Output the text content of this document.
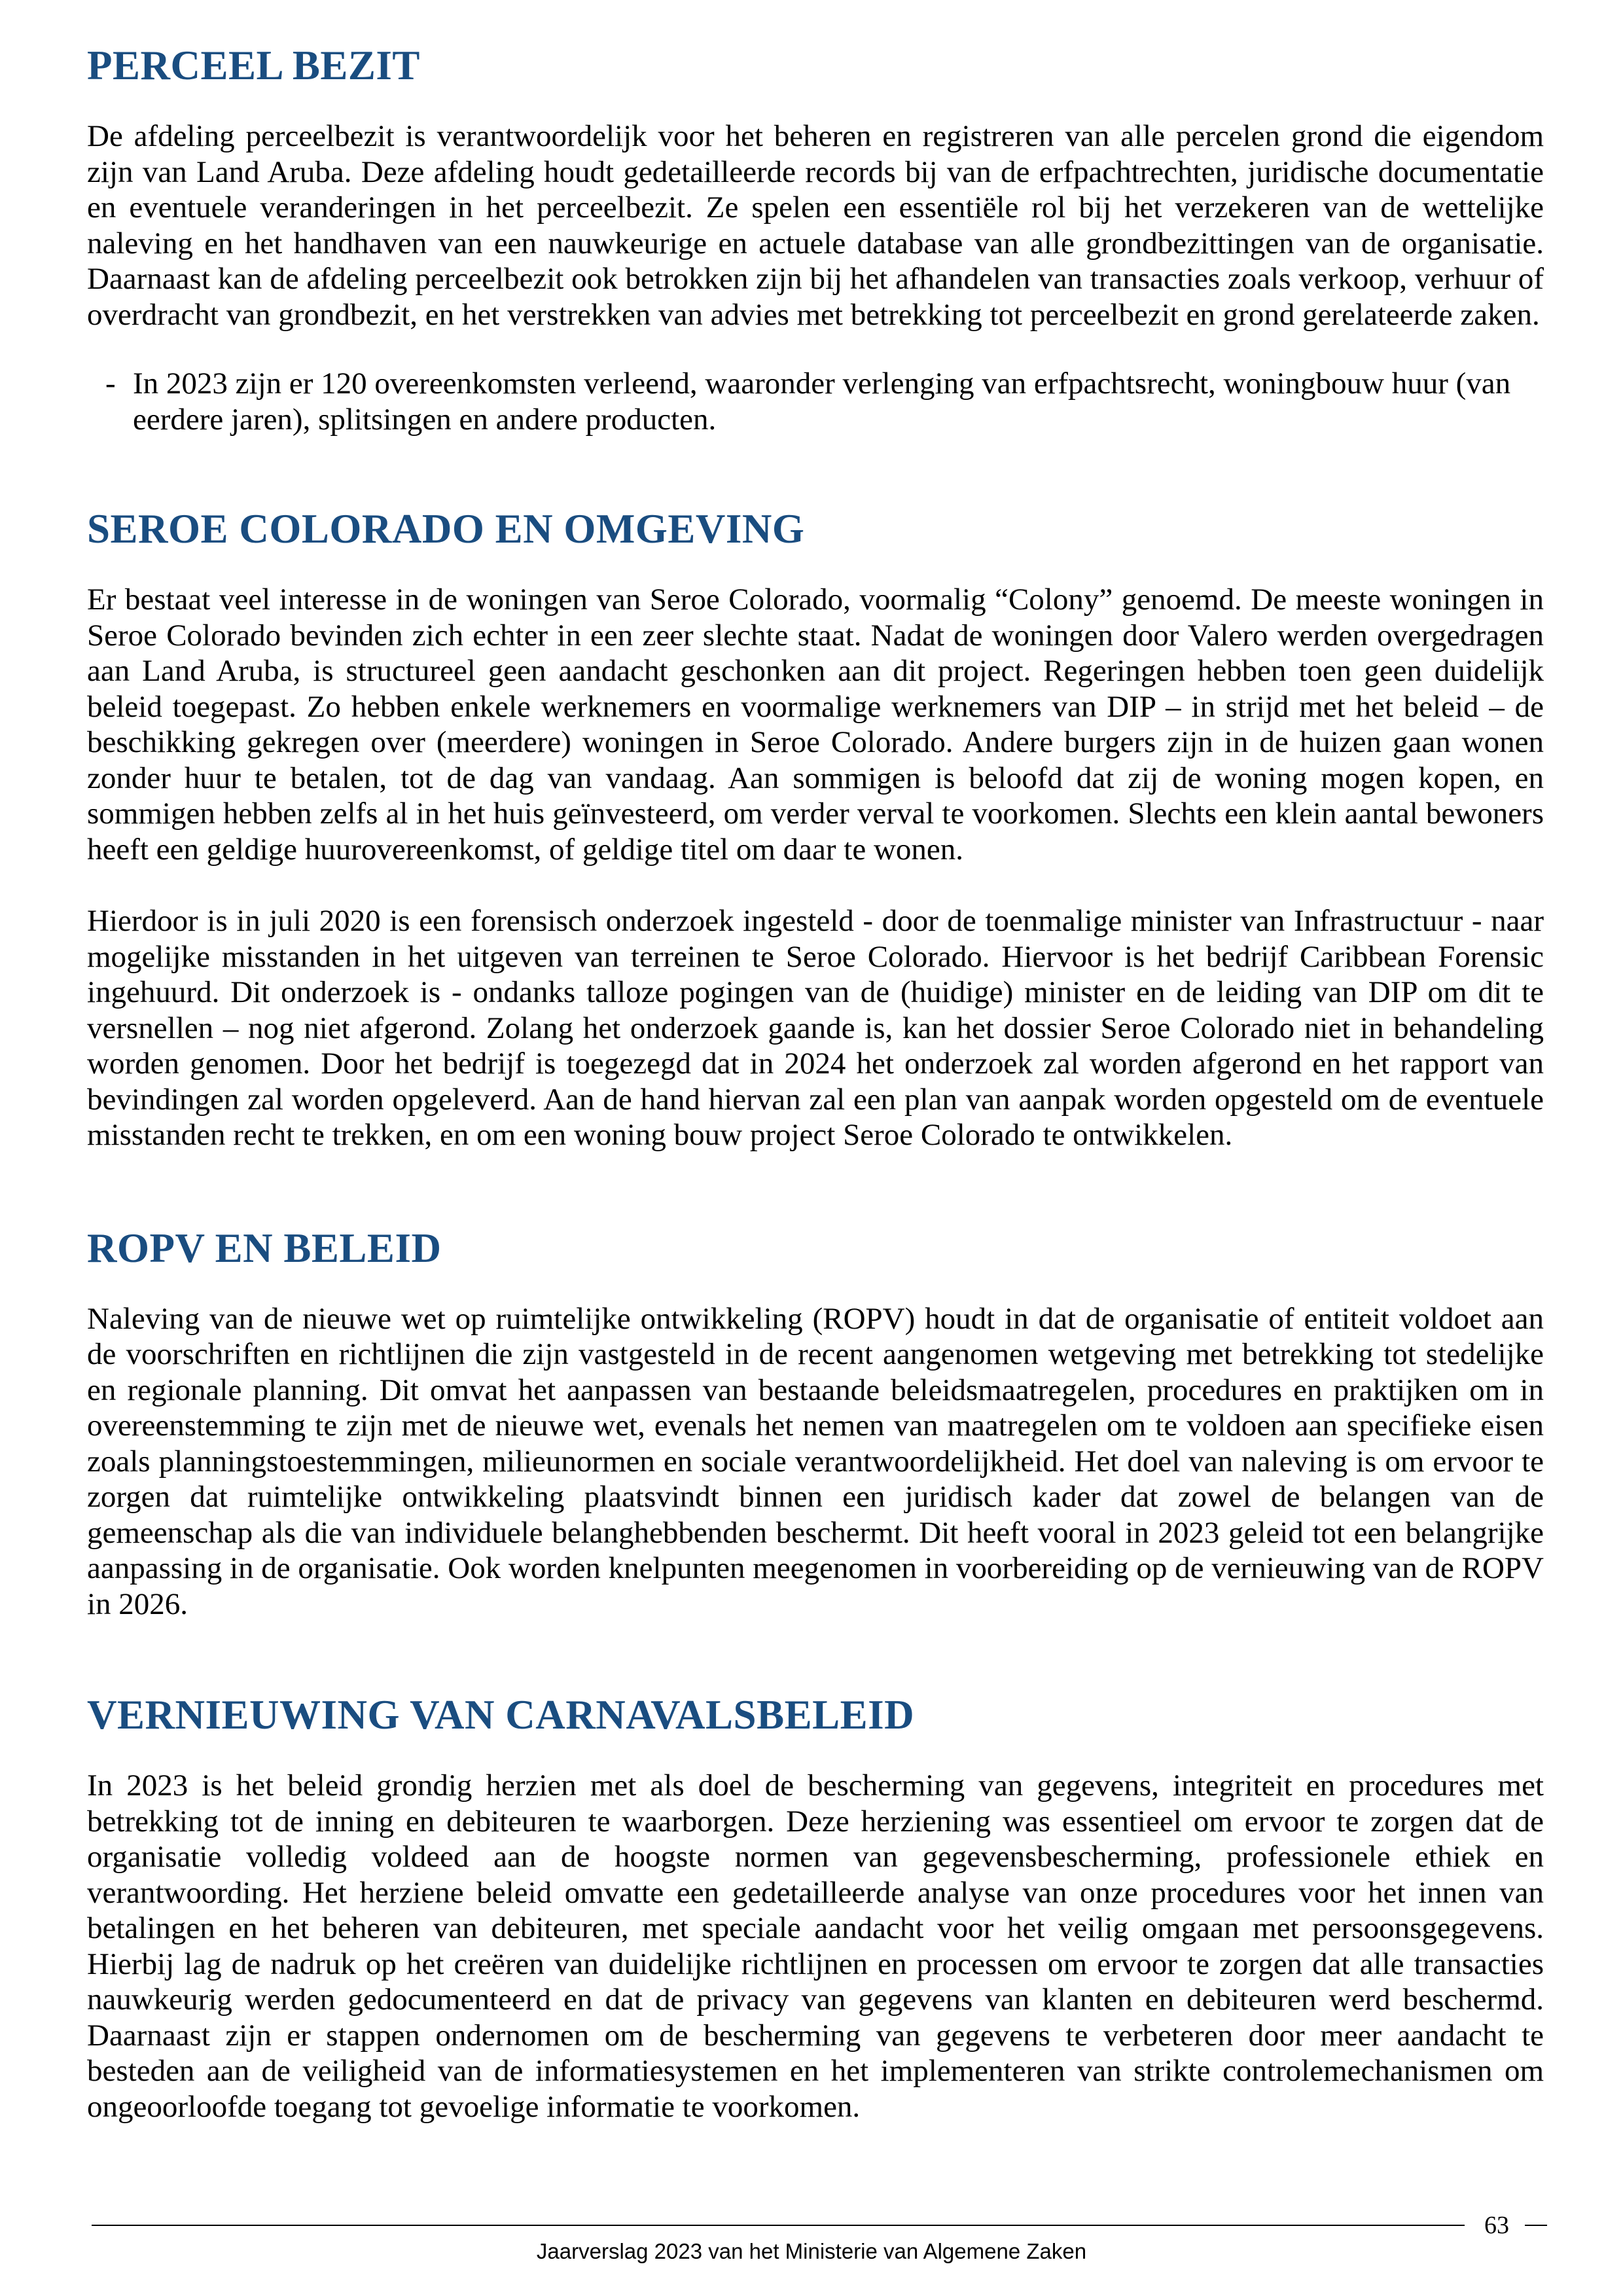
PERCEEL BEZIT

De afdeling perceelbezit is verantwoordelijk voor het beheren en registreren van alle percelen grond die eigendom zijn van Land Aruba. Deze afdeling houdt gedetailleerde records bij van de erfpachtrechten, juridische documentatie en eventuele veranderingen in het perceelbezit. Ze spelen een essentiële rol bij het verzekeren van de wettelijke naleving en het handhaven van een nauwkeurige en actuele database van alle grondbezittingen van de organisatie. Daarnaast kan de afdeling perceelbezit ook betrokken zijn bij het afhandelen van transacties zoals verkoop, verhuur of overdracht van grondbezit, en het verstrekken van advies met betrekking tot perceelbezit en grond gerelateerde zaken.

- In 2023 zijn er 120 overeenkomsten verleend, waaronder verlenging van erfpachtsrecht, woningbouw huur (van eerdere jaren), splitsingen en andere producten.
SEROE COLORADO EN OMGEVING

Er bestaat veel interesse in de woningen van Seroe Colorado, voormalig “Colony” genoemd. De meeste woningen in Seroe Colorado bevinden zich echter in een zeer slechte staat. Nadat de woningen door Valero werden overgedragen aan Land Aruba, is structureel geen aandacht geschonken aan dit project. Regeringen hebben toen geen duidelijk beleid toegepast. Zo hebben enkele werknemers en voormalige werknemers van DIP – in strijd met het beleid – de beschikking gekregen over (meerdere) woningen in Seroe Colorado. Andere burgers zijn in de huizen gaan wonen zonder huur te betalen, tot de dag van vandaag. Aan sommigen is beloofd dat zij de woning mogen kopen, en sommigen hebben zelfs al in het huis geïnvesteerd, om verder verval te voorkomen. Slechts een klein aantal bewoners heeft een geldige huurovereenkomst, of geldige titel om daar te wonen.

Hierdoor is in juli 2020 is een forensisch onderzoek ingesteld - door de toenmalige minister van Infrastructuur - naar mogelijke misstanden in het uitgeven van terreinen te Seroe Colorado. Hiervoor is het bedrijf Caribbean Forensic ingehuurd. Dit onderzoek is - ondanks talloze pogingen van de (huidige) minister en de leiding van DIP om dit te versnellen – nog niet afgerond. Zolang het onderzoek gaande is, kan het dossier Seroe Colorado niet in behandeling worden genomen. Door het bedrijf is toegezegd dat in 2024 het onderzoek zal worden afgerond en het rapport van bevindingen zal worden opgeleverd. Aan de hand hiervan zal een plan van aanpak worden opgesteld om de eventuele misstanden recht te trekken, en om een woning bouw project Seroe Colorado te ontwikkelen.

ROPV EN BELEID

Naleving van de nieuwe wet op ruimtelijke ontwikkeling (ROPV) houdt in dat de organisatie of entiteit voldoet aan de voorschriften en richtlijnen die zijn vastgesteld in de recent aangenomen wetgeving met betrekking tot stedelijke en regionale planning. Dit omvat het aanpassen van bestaande beleidsmaatregelen, procedures en praktijken om in overeenstemming te zijn met de nieuwe wet, evenals het nemen van maatregelen om te voldoen aan specifieke eisen zoals planningstoestemmingen, milieunormen en sociale verantwoordelijkheid. Het doel van naleving is om ervoor te zorgen dat ruimtelijke ontwikkeling plaatsvindt binnen een juridisch kader dat zowel de belangen van de gemeenschap als die van individuele belanghebbenden beschermt. Dit heeft vooral in 2023 geleid tot een belangrijke aanpassing in de organisatie. Ook worden knelpunten meegenomen in voorbereiding op de vernieuwing van de ROPV in 2026.

VERNIEUWING VAN CARNAVALSBELEID

In 2023 is het beleid grondig herzien met als doel de bescherming van gegevens, integriteit en procedures met betrekking tot de inning en debiteuren te waarborgen. Deze herziening was essentieel om ervoor te zorgen dat de organisatie volledig voldeed aan de hoogste normen van gegevensbescherming, professionele ethiek en verantwoording. Het herziene beleid omvatte een gedetailleerde analyse van onze procedures voor het innen van betalingen en het beheren van debiteuren, met speciale aandacht voor het veilig omgaan met persoonsgegevens. Hierbij lag de nadruk op het creëren van duidelijke richtlijnen en processen om ervoor te zorgen dat alle transacties nauwkeurig werden gedocumenteerd en dat de privacy van gegevens van klanten en debiteuren werd beschermd. Daarnaast zijn er stappen ondernomen om de bescherming van gegevens te verbeteren door meer aandacht te besteden aan de veiligheid van de informatiesystemen en het implementeren van strikte controlemechanismen om ongeoorloofde toegang tot gevoelige informatie te voorkomen.

63
Jaarverslag 2023 van het Ministerie van Algemene Zaken
